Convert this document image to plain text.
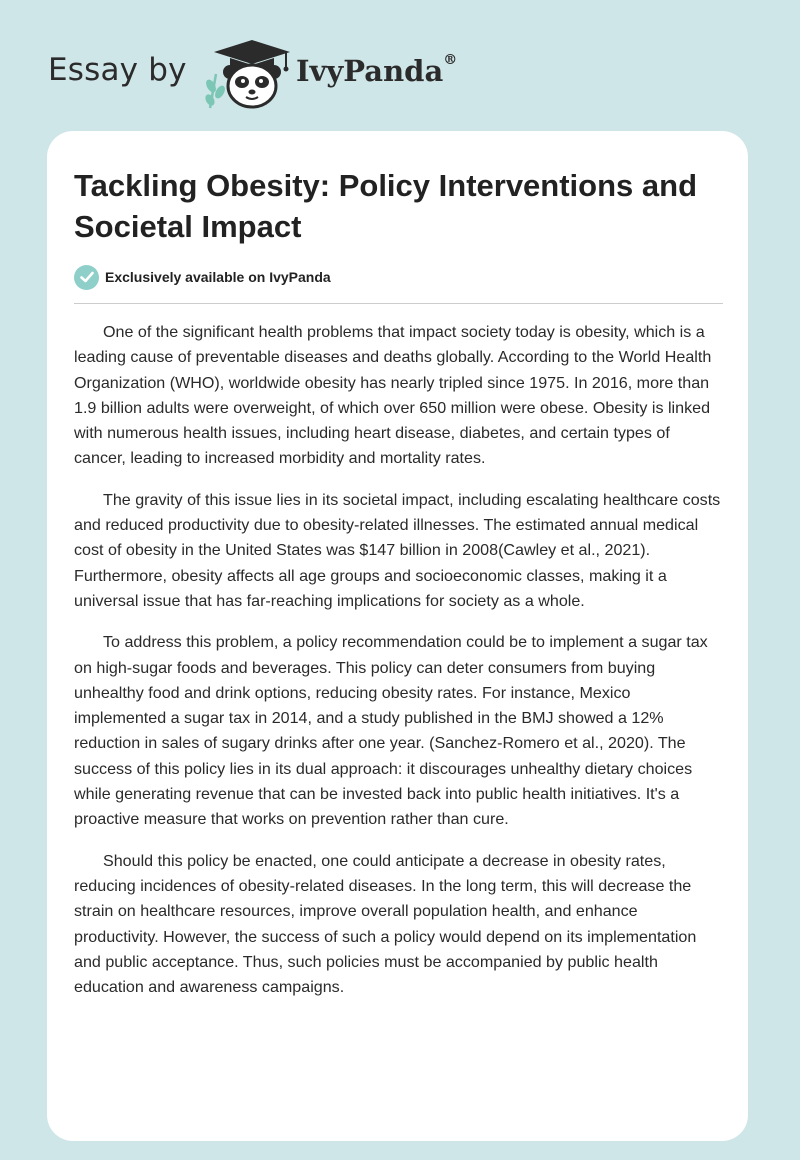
Essay by	IvyPanda®
Tackling Obesity: Policy Interventions and Societal Impact
Exclusively available on IvyPanda

One of the significant health problems that impact society today is obesity, which is a leading cause of preventable diseases and deaths globally. According to the World Health Organization (WHO), worldwide obesity has nearly tripled since 1975. In 2016, more than 1.9 billion adults were overweight, of which over 650 million were obese. Obesity is linked with numerous health issues, including heart disease, diabetes, and certain types of cancer, leading to increased morbidity and mortality rates.

The gravity of this issue lies in its societal impact, including escalating healthcare costs and reduced productivity due to obesity-related illnesses. The estimated annual medical cost of obesity in the United States was $147 billion in 2008(Cawley et al., 2021). Furthermore, obesity affects all age groups and socioeconomic classes, making it a universal issue that has far-reaching implications for society as a whole.

To address this problem, a policy recommendation could be to implement a sugar tax on high-sugar foods and beverages. This policy can deter consumers from buying unhealthy food and drink options, reducing obesity rates. For instance, Mexico implemented a sugar tax in 2014, and a study published in the BMJ showed a 12% reduction in sales of sugary drinks after one year. (Sanchez-Romero et al., 2020). The success of this policy lies in its dual approach: it discourages unhealthy dietary choices while generating revenue that can be invested back into public health initiatives. It's a proactive measure that works on prevention rather than cure.

Should this policy be enacted, one could anticipate a decrease in obesity rates, reducing incidences of obesity-related diseases. In the long term, this will decrease the strain on healthcare resources, improve overall population health, and enhance productivity. However, the success of such a policy would depend on its implementation and public acceptance. Thus, such policies must be accompanied by public health education and awareness campaigns.
